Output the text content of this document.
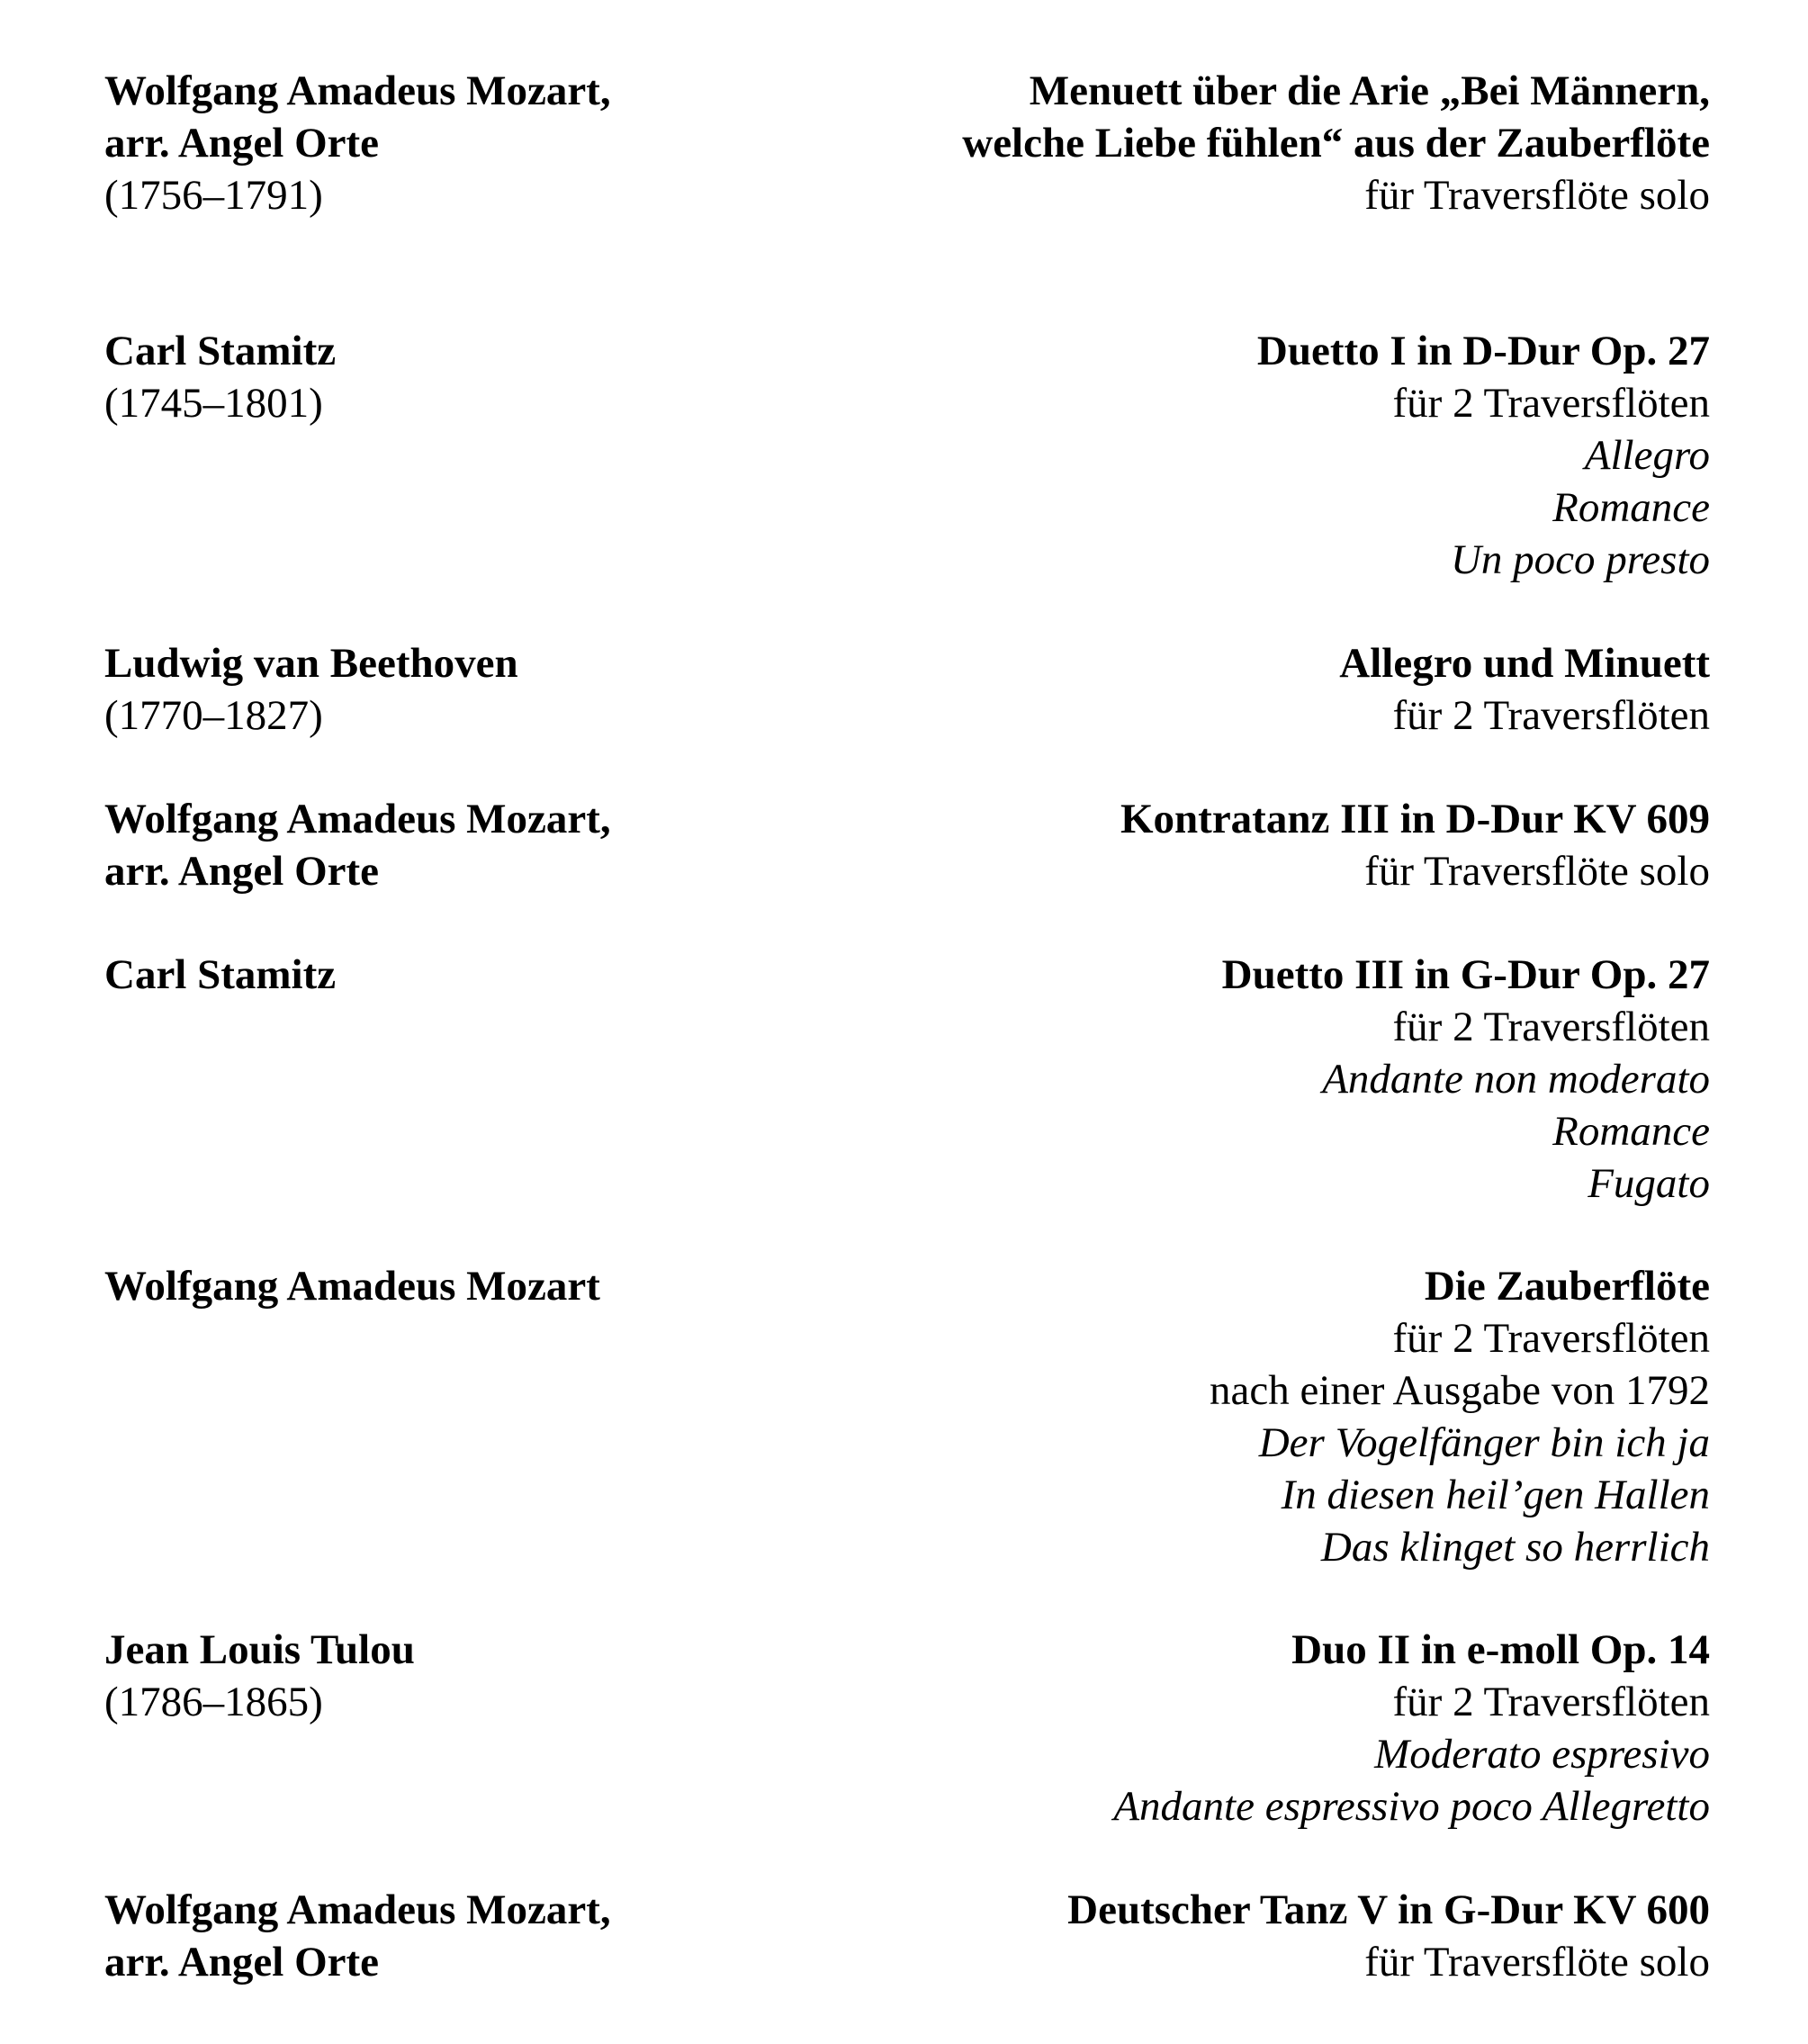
Wolfgang Amadeus Mozart,
arr. Angel Orte
(1756–1791)
Menuett über die Arie „Bei Männern,
welche Liebe fühlen“ aus der Zauberflöte
für Traversflöte solo
Carl Stamitz
(1745–1801)
Duetto I in D-Dur Op. 27
für 2 Traversflöten
Allegro
Romance
Un poco presto
Ludwig van Beethoven
(1770–1827)
Allegro und Minuett
für 2 Traversflöten
Wolfgang Amadeus Mozart,
arr. Angel Orte
Kontratanz III in D-Dur KV 609
für Traversflöte solo
Carl Stamitz	Duetto III in G-Dur Op. 27
für 2 Traversflöten
Andante non moderato
Romance
Fugato
Wolfgang Amadeus Mozart	Die Zauberflöte
für 2 Traversflöten
nach einer Ausgabe von 1792
Der Vogelfänger bin ich ja
In diesen heil’gen Hallen
Das klinget so herrlich
Jean Louis Tulou
(1786–1865)
Duo II in e-moll Op. 14
für 2 Traversflöten
Moderato espresivo
Andante espressivo poco Allegretto
Wolfgang Amadeus Mozart,
arr. Angel Orte
Deutscher Tanz V in G-Dur KV 600
für Traversflöte solo
